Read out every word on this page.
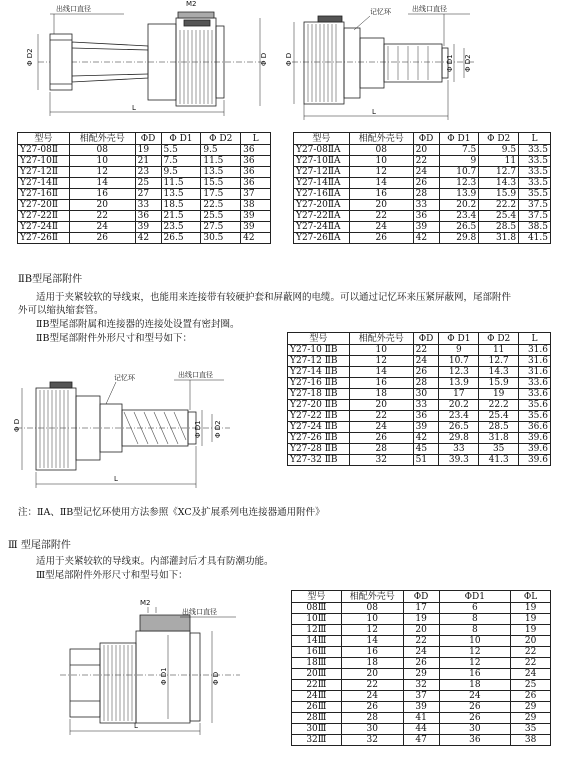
出线口直径
M2
Φ D2	Φ D
L
记忆环	出线口直径
Φ D	Φ D1 Φ D2
L
型号	相配外壳号	ΦD	Φ D1	Φ D2	L
Y27-08Ⅱ	08	19	5.5	9.5	36
Y27-10Ⅱ	10	21	7.5	11.5	36
Y27-12Ⅱ	12	23	9.5	13.5	36
Y27-14Ⅱ	14	25	11.5	15.5	36
Y27-16Ⅱ	16	27	13.5	17.5	37
Y27-20Ⅱ	20	33	18.5	22.5	38
Y27-22Ⅱ	22	36	21.5	25.5	39
Y27-24Ⅱ	24	39	23.5	27.5	39
Y27-26Ⅱ	26	42	26.5	30.5	42
型号	相配外壳号	ΦD	Φ D1	Φ D2	L
Y27-08ⅡA	08	20	7.5	9.5	33.5
Y27-10ⅡA	10	22	9	11	33.5
Y27-12ⅡA	12	24	10.7	12.7	33.5
Y27-14ⅡA	14	26	12.3	14.3	33.5
Y27-16ⅡA	16	28	13.9	15.9	35.5
Y27-20ⅡA	20	33	20.2	22.2	37.5
Y27-22ⅡA	22	36	23.4	25.4	37.5
Y27-24ⅡA	24	39	26.5	28.5	38.5
Y27-26ⅡA	26	42	29.8	31.8	41.5
ⅡB型尾部附件
适用于夹紧较软的导线束，也能用来连接带有较硬护套和屏蔽网的电缆。可以通过记忆环来压紧屏蔽网，尾部附件
外可以缩执缩套管。
ⅡB型尾部附属和连接器的连接处设置有密封圈。
ⅡB型尾部附件外形尺寸和型号如下：
记忆环	出线口直径
Φ D	Φ D1 Φ D2
L
型号	相配外壳号	ΦD	Φ D1	Φ D2	L
Y27-10 ⅡB	10	22	9	11	31.6
Y27-12 ⅡB	12	24	10.7	12.7	31.6
Y27-14 ⅡB	14	26	12.3	14.3	31.6
Y27-16 ⅡB	16	28	13.9	15.9	33.6
Y27-18 ⅡB	18	30	17	19	33.6
Y27-20 ⅡB	20	33	20.2	22.2	35.6
Y27-22 ⅡB	22	36	23.4	25.4	35.6
Y27-24 ⅡB	24	39	26.5	28.5	36.6
Y27-26 ⅡB	26	42	29.8	31.8	39.6
Y27-28 ⅡB	28	45	33	35	39.6
Y27-32 ⅡB	32	51	39.3	41.3	39.6
注：ⅡA、ⅡB型记忆环使用方法参照《XC及扩展系列电连接器通用附件》
Ⅲ 型尾部附件
适用于夹紧较软的导线束。内部灌封后才具有防潮功能。
Ⅲ型尾部附件外形尺寸和型号如下：
M2
出线口直径
Φ D1	Φ D
L
型号	相配外壳号	ΦD	ΦD1	ΦL
08Ⅲ	08	17	6	19
10Ⅲ	10	19	8	19
12Ⅲ	12	20	8	19
14Ⅲ	14	22	10	20
16Ⅲ	16	24	12	22
18Ⅲ	18	26	12	22
20Ⅲ	20	29	16	24
22Ⅲ	22	32	18	25
24Ⅲ	24	37	24	26
26Ⅲ	26	39	26	29
28Ⅲ	28	41	26	29
30Ⅲ	30	44	30	35
32Ⅲ	32	47	36	38
